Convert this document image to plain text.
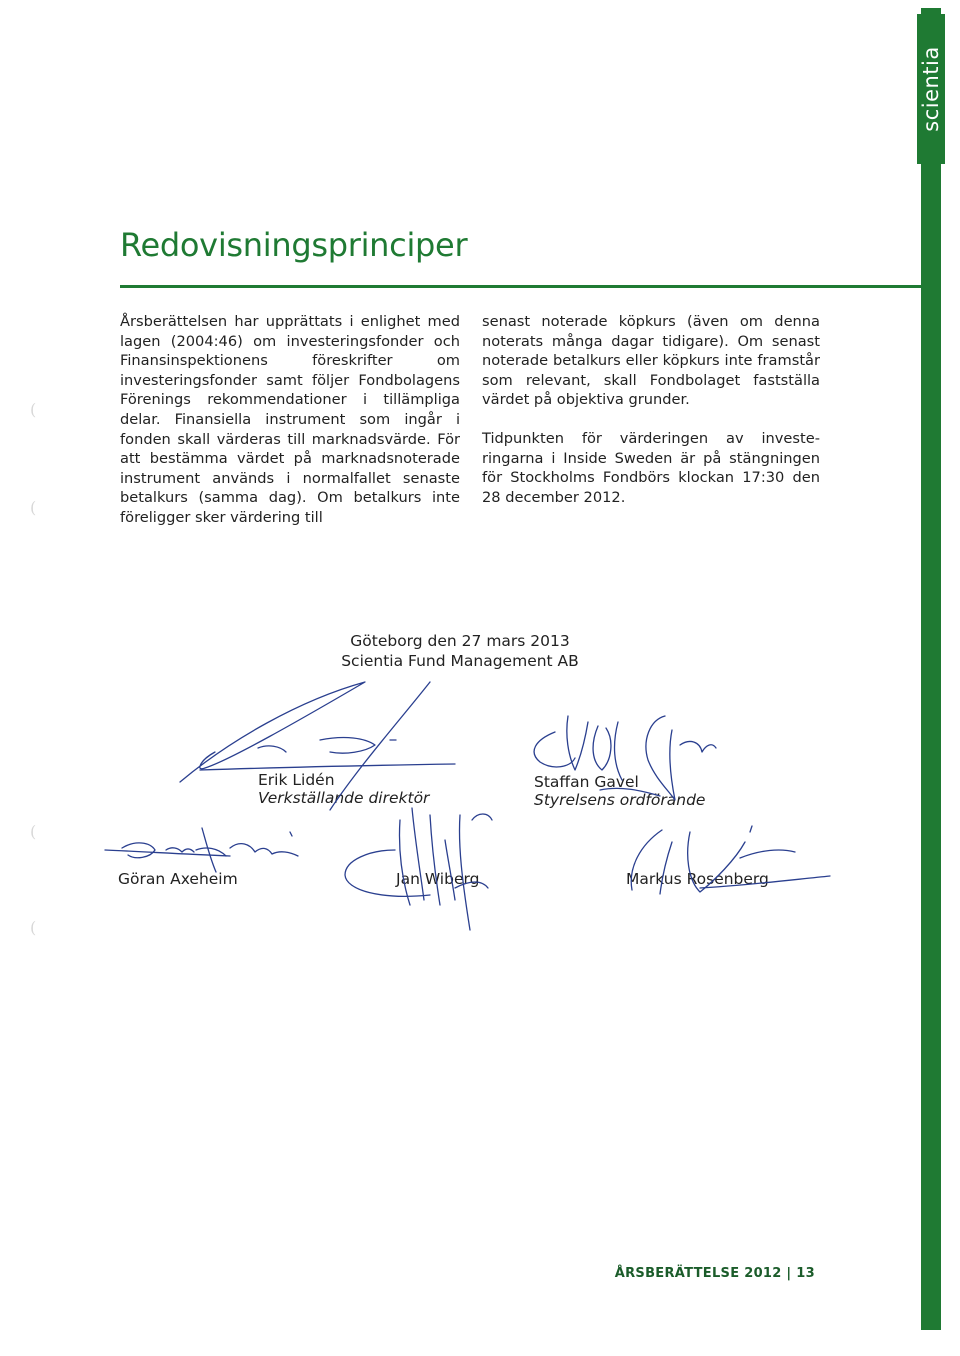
scientia
(
(
(
(
Redovisningsprinciper

Årsberättelsen har upprättats i enlighet med lagen (2004:46) om investeringsfonder och Finansinspektionens föreskrifter om investeringsfonder samt följer Fondbolagens Förenings rekommendationer i tillämpliga delar. Finansiella instrument som ingår i fonden skall värderas till marknadsvärde. För att bestämma värdet på marknadsnoterade instrument används i normalfallet senaste betalkurs (samma dag). Om betalkurs inte föreligger sker värdering till

senast noterade köpkurs (även om denna noterats många dagar tidigare). Om senast noterade betalkurs eller köpkurs inte framstår som relevant, skall Fondbolaget fastställa värdet på objektiva grunder.

Tidpunkten för värderingen av investeringarna i Inside Sweden är på stängningen för Stockholms Fondbörs klockan 17:30 den 28 december 2012.

Göteborg den 27 mars 2013
Scientia Fund Management AB
Erik Lidén
Verkställande direktör
Staffan Gavel
Styrelsens ordförande
Göran Axeheim	Jan Wiberg	Markus Rosenberg
ÅRSBERÄTTELSE 2012 | 13
